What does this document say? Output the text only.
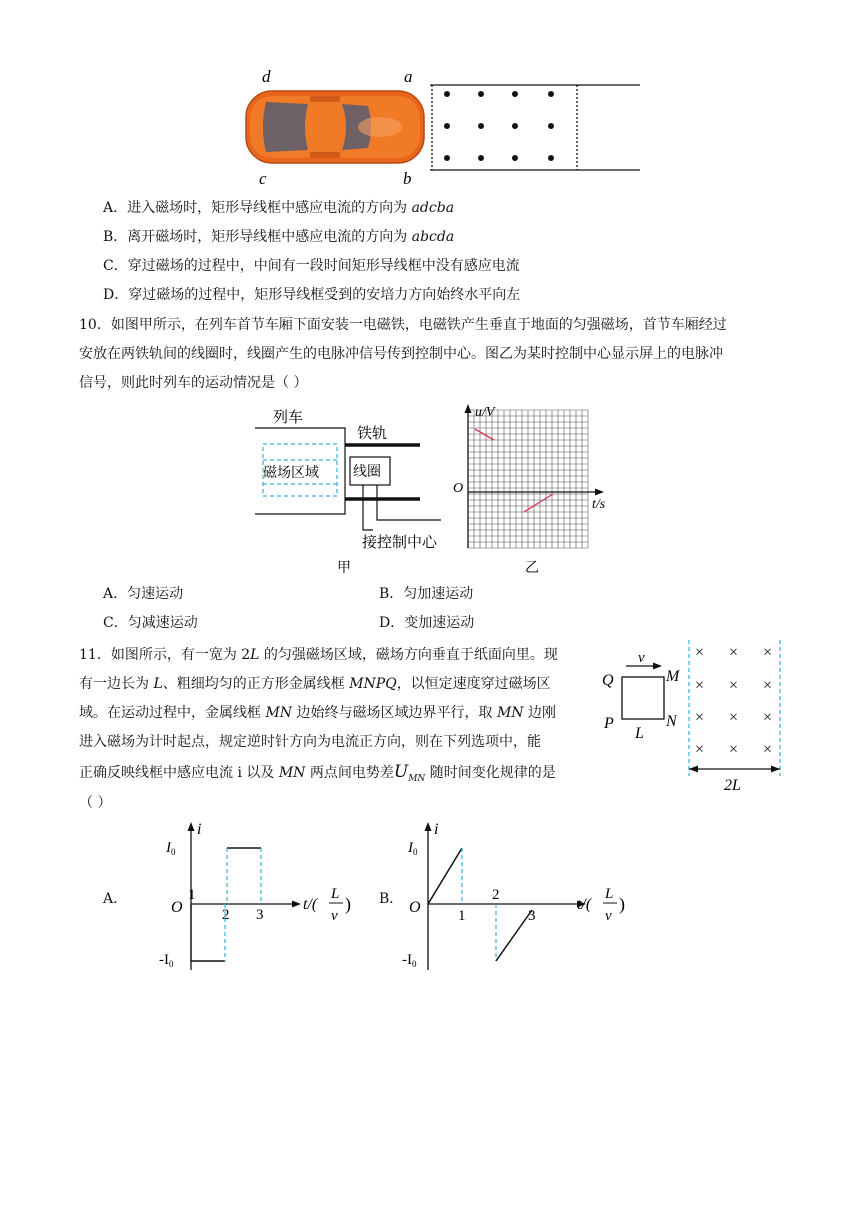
d	a
c	b
A．进入磁场时，矩形导线框中感应电流的方向为 adcba
B．离开磁场时，矩形导线框中感应电流的方向为 abcda
C．穿过磁场的过程中，中间有一段时间矩形导线框中没有感应电流
D．穿过磁场的过程中，矩形导线框受到的安培力方向始终水平向左
10．如图甲所示，在列车首节车厢下面安装一电磁铁，电磁铁产生垂直于地面的匀强磁场，首节车厢经过
安放在两铁轨间的线圈时，线圈产生的电脉冲信号传到控制中心。图乙为某时控制中心显示屏上的电脉冲
信号，则此时列车的运动情况是（ ）
列车
磁场区域
铁轨
线圈
接控制中心
甲
u/V
t/s
O
乙
A．匀速运动	B．匀加速运动
C．匀减速运动	D．变加速运动
11．如图所示，有一宽为 2L 的匀强磁场区域，磁场方向垂直于纸面向里。现
有一边长为 L、粗细均匀的正方形金属线框 MNPQ，以恒定速度穿过磁场区
域。在运动过程中，金属线框 MN 边始终与磁场区域边界平行，取 MN 边刚
进入磁场为计时起点，规定逆时针方向为电流正方向，则在下列选项中，能
正确反映线框中感应电流 i 以及 MN 两点间电势差$U_{MN}$ 随时间变化规律的是
（ ）
v
Q	M
P	N
L
× × ×
× × ×
× × ×
× × ×
2L
A．
i
$I_0$
$-I_0$
O
1
2 3
t/(
L
v
) B．
i
$I_0$
$-I_0$
O 1
2
3
t/(
L
v
)
